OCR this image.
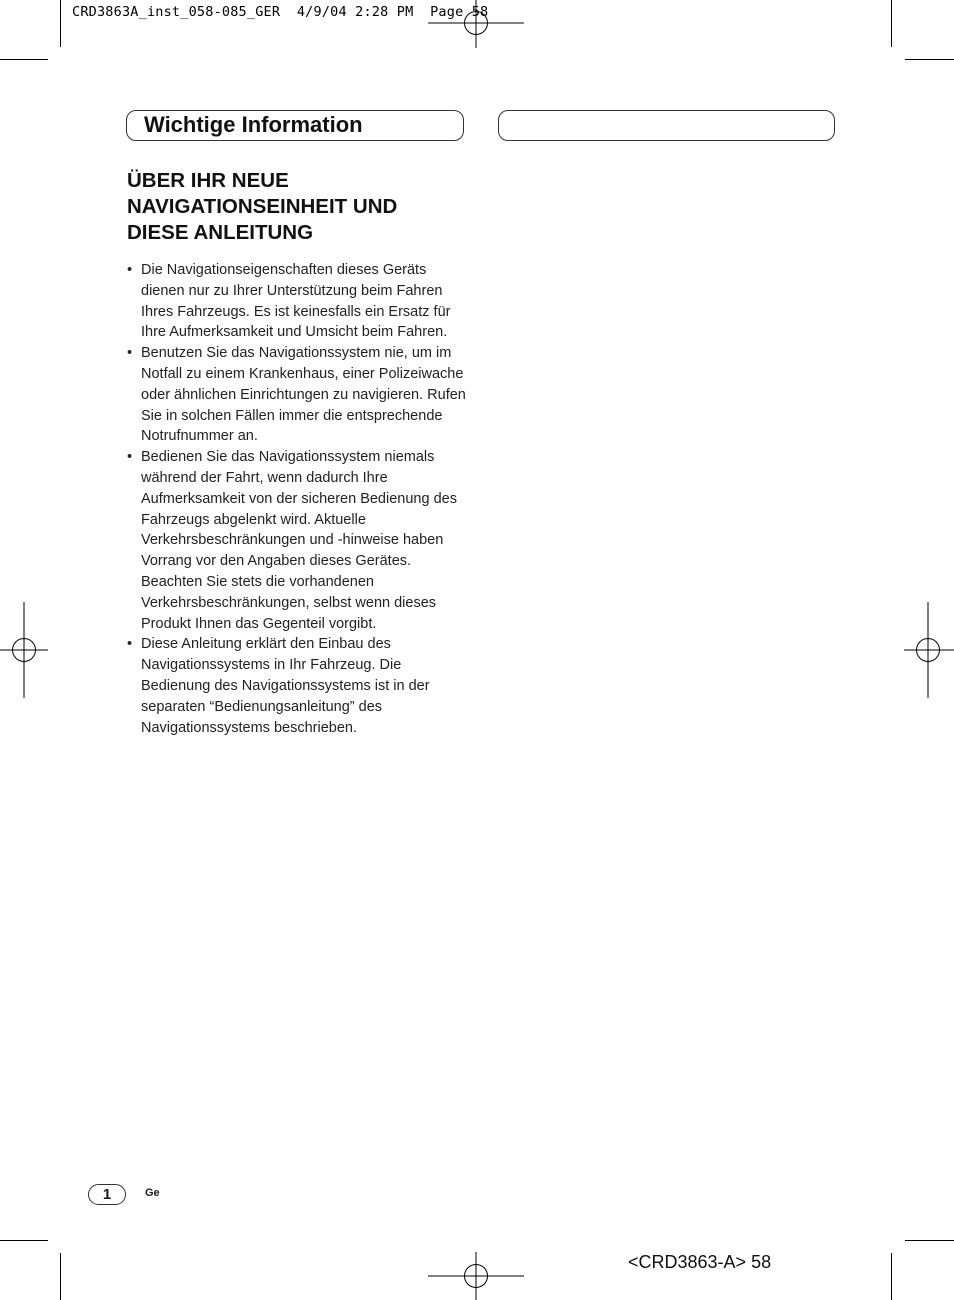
CRD3863A_inst_058-085_GER  4/9/04 2:28 PM  Page 58
Wichtige Information
ÜBER IHR NEUE
NAVIGATIONSEINHEIT UND
DIESE ANLEITUNG
• Die Navigationseigenschaften dieses Geräts dienen nur zu Ihrer Unterstützung beim Fahren Ihres Fahrzeugs. Es ist keinesfalls ein Ersatz für Ihre Aufmerksamkeit und Umsicht beim Fahren.
• Benutzen Sie das Navigationssystem nie, um im Notfall zu einem Krankenhaus, einer Polizeiwache oder ähnlichen Einrichtungen zu navigieren. Rufen Sie in solchen Fällen immer die entsprechende Notrufnummer an.
• Bedienen Sie das Navigationssystem niemals während der Fahrt, wenn dadurch Ihre Aufmerksamkeit von der sicheren Bedienung des Fahrzeugs abgelenkt wird. Aktuelle Verkehrsbeschränkungen und -hinweise haben Vorrang vor den Angaben dieses Gerätes. Beachten Sie stets die vorhandenen Verkehrsbeschränkungen, selbst wenn dieses Produkt Ihnen das Gegenteil vorgibt.
• Diese Anleitung erklärt den Einbau des Navigationssystems in Ihr Fahrzeug. Die Bedienung des Navigationssystems ist in der separaten “Bedienungsanleitung” des Navigationssystems beschrieben.
1	Ge
<CRD3863-A> 58
